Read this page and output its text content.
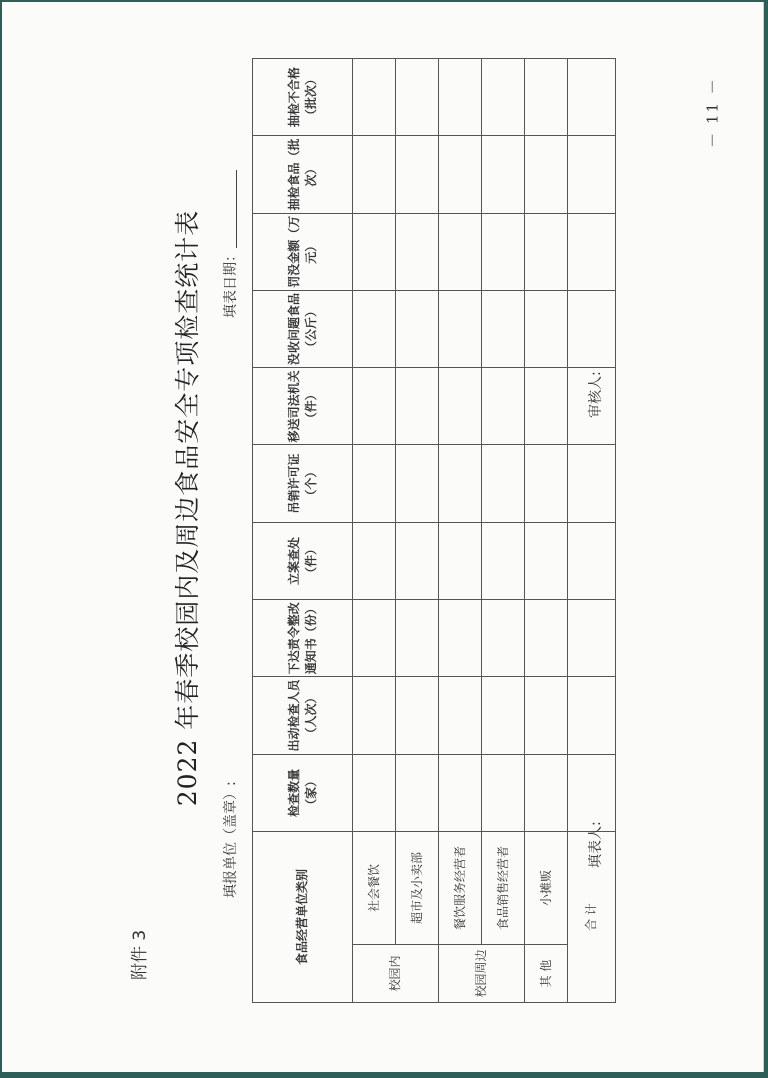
－ 11 －
附件 3
2022 年春季校园内及周边食品安全专项检查统计表
填报单位（盖章）:
填表日期：
食品经营单位类别		检查数量（家）	出动检查人员（人次）	下达责令整改通知书（份）	立案查处（件）	吊销许可证（个）	移送司法机关（件）	没收问题食品（公斤）	罚没金额（万元）	抽检食品（批次）	抽检不合格（批次）
校园内	社会餐饮										
	超市及小卖部										
校园周边	餐饮服务经营者										
	食品销售经营者										
其 他	小摊贩										
合 计											
填表人:
审核人:
